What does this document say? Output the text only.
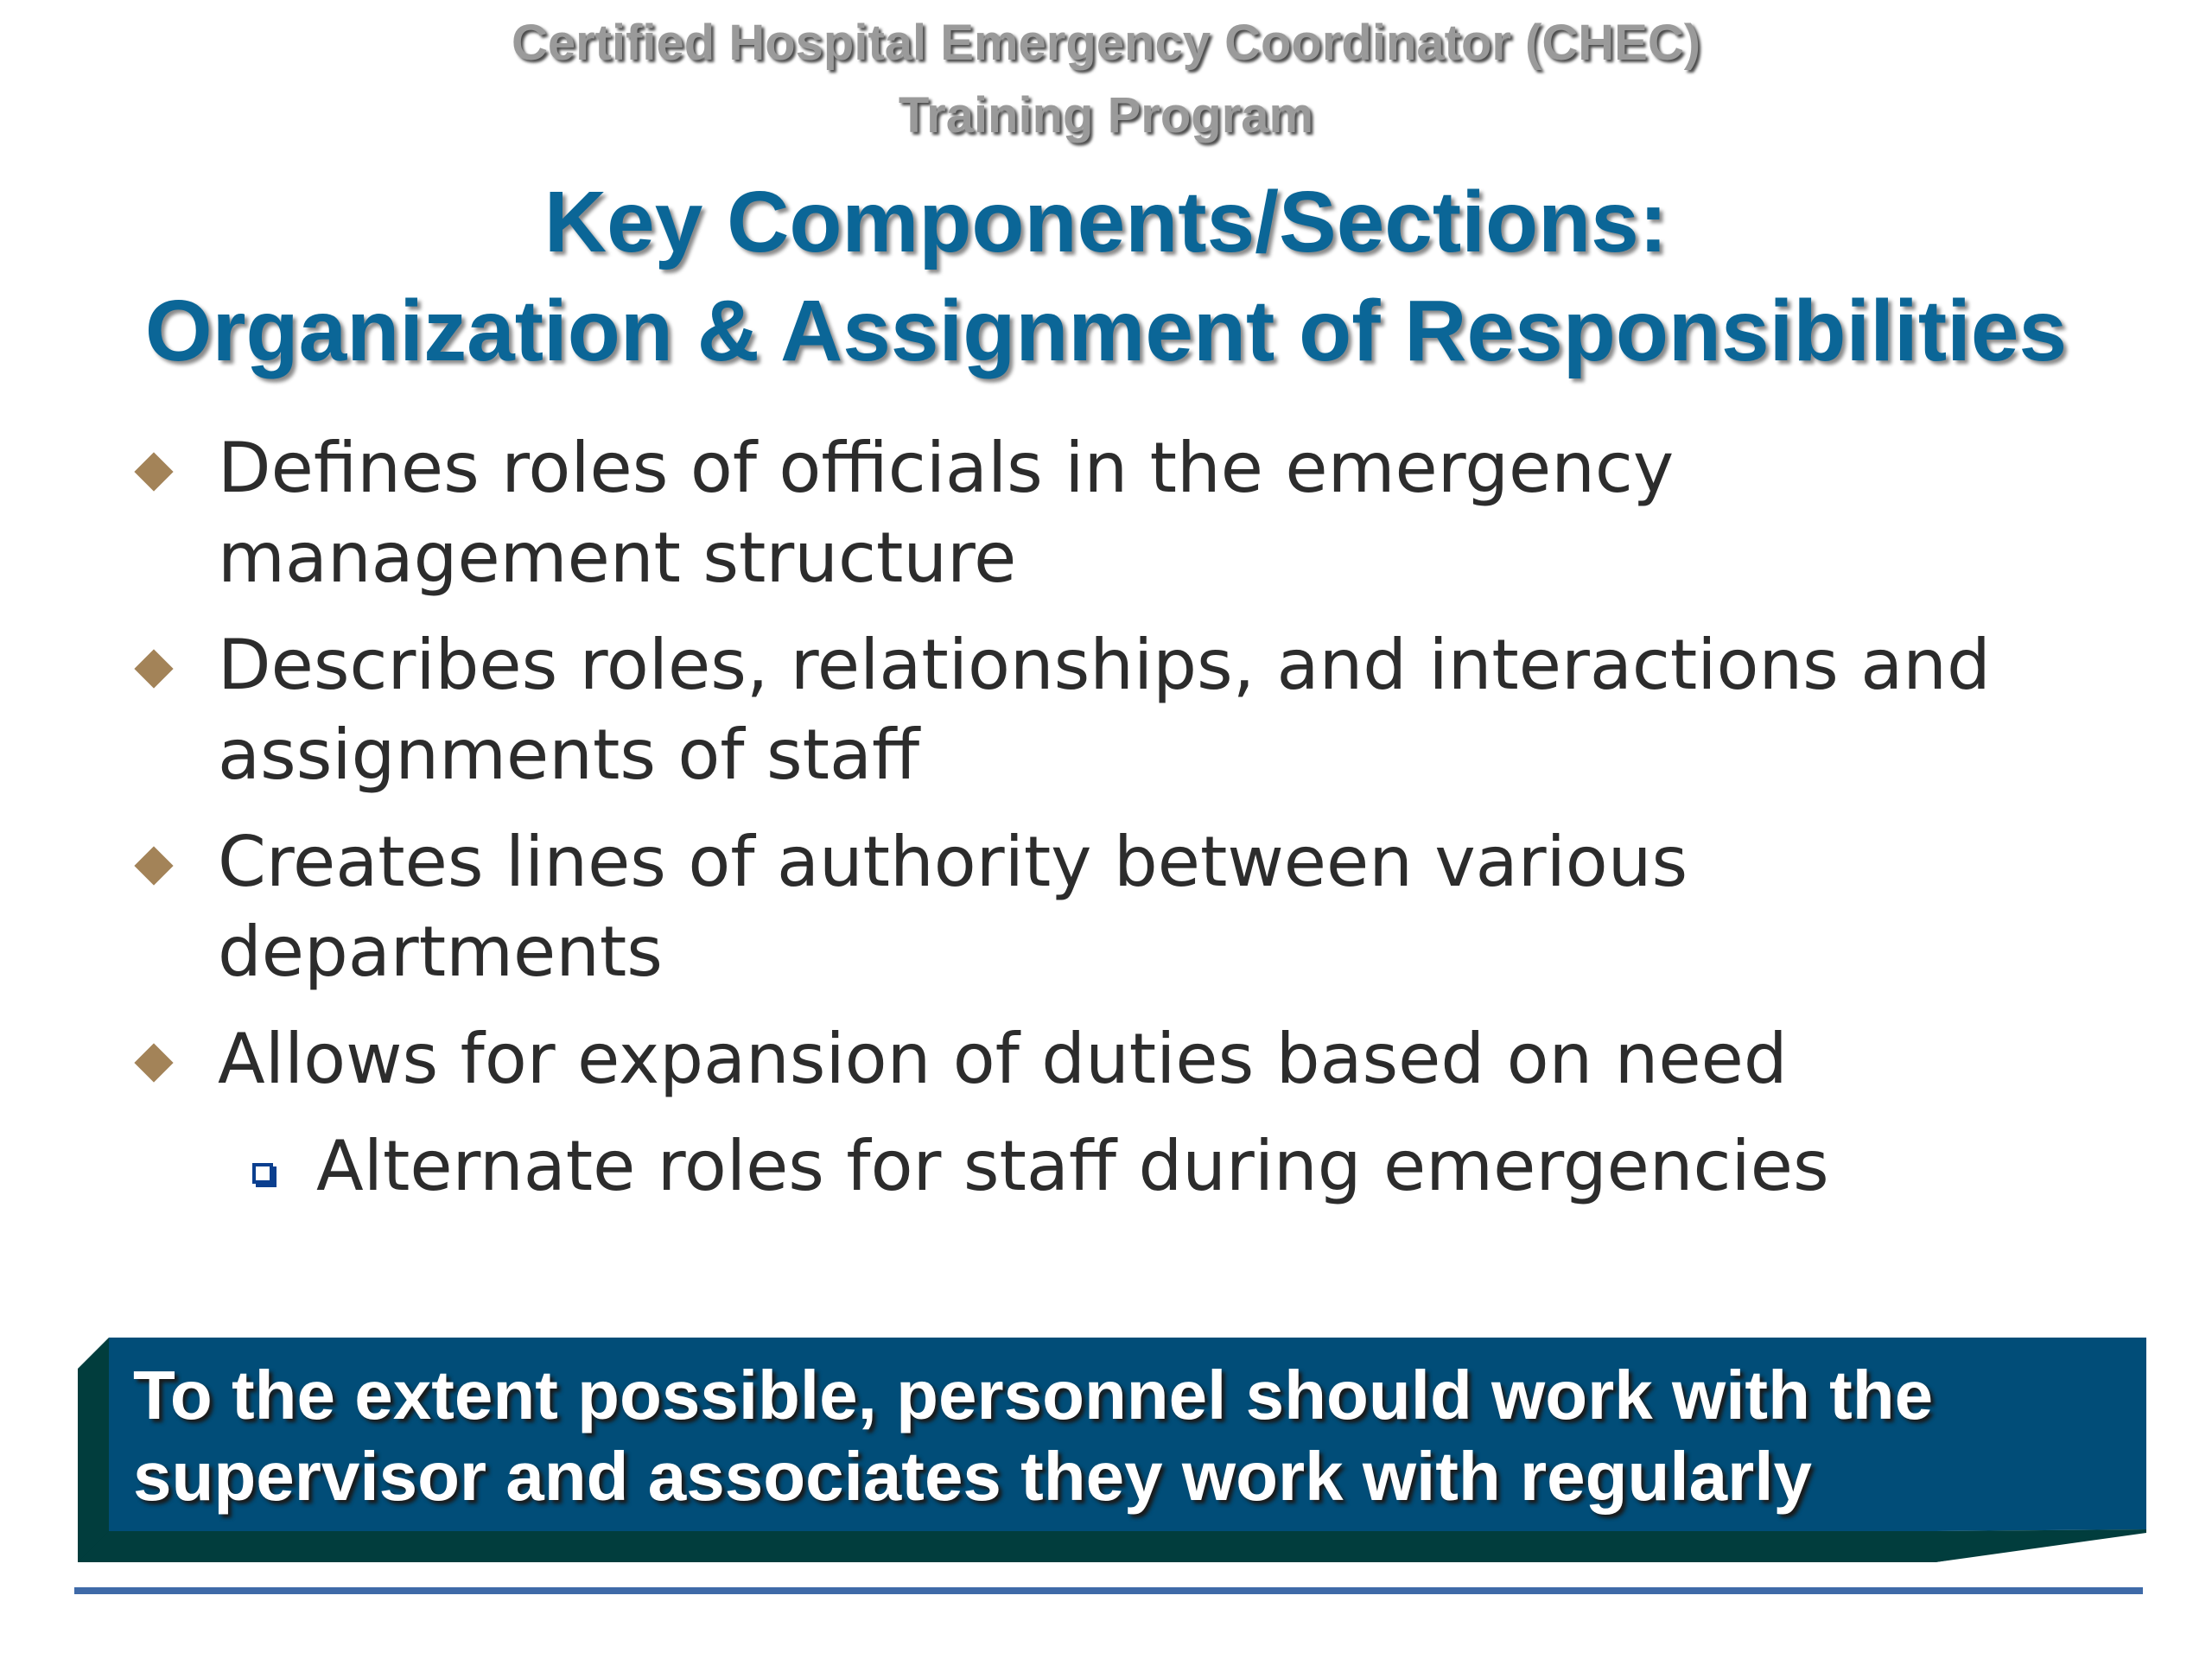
Certified Hospital Emergency Coordinator (CHEC)
Training Program
Key Components/Sections:
Organization & Assignment of Responsibilities
Defines roles of officials in the emergency management structure
Describes roles, relationships, and interactions and assignments of staff
Creates lines of authority between various departments
Allows for expansion of duties based on need
Alternate roles for staff during emergencies
To the extent possible, personnel should work with the
supervisor and associates they work with regularly
